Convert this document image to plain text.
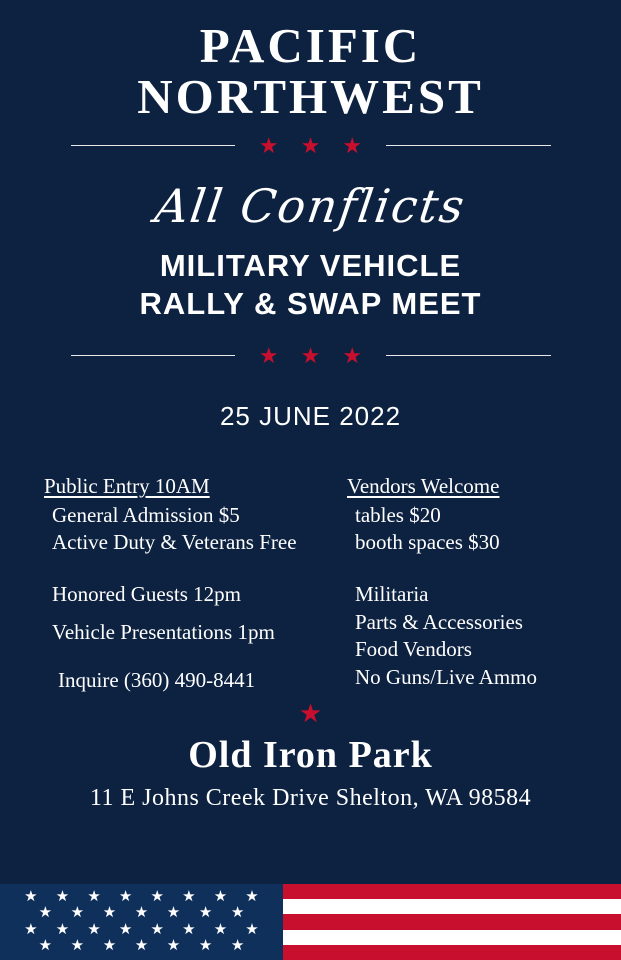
PACIFIC
NORTHWEST
★ ★ ★
All Conflicts
MILITARY VEHICLE
RALLY & SWAP MEET
★ ★ ★
25 JUNE 2022
Public Entry 10AM
General Admission $5
Active Duty & Veterans Free
Honored Guests 12pm
Vehicle Presentations 1pm
Inquire (360) 490-8441
Vendors Welcome
tables $20
booth spaces $30
Militaria
Parts & Accessories
Food Vendors
No Guns/Live Ammo
★
Old Iron Park
11 E Johns Creek Drive Shelton, WA 98584
★ ★ ★ ★ ★ ★ ★ ★
★ ★ ★ ★ ★ ★ ★
★ ★ ★ ★ ★ ★ ★ ★
★ ★ ★ ★ ★ ★ ★
